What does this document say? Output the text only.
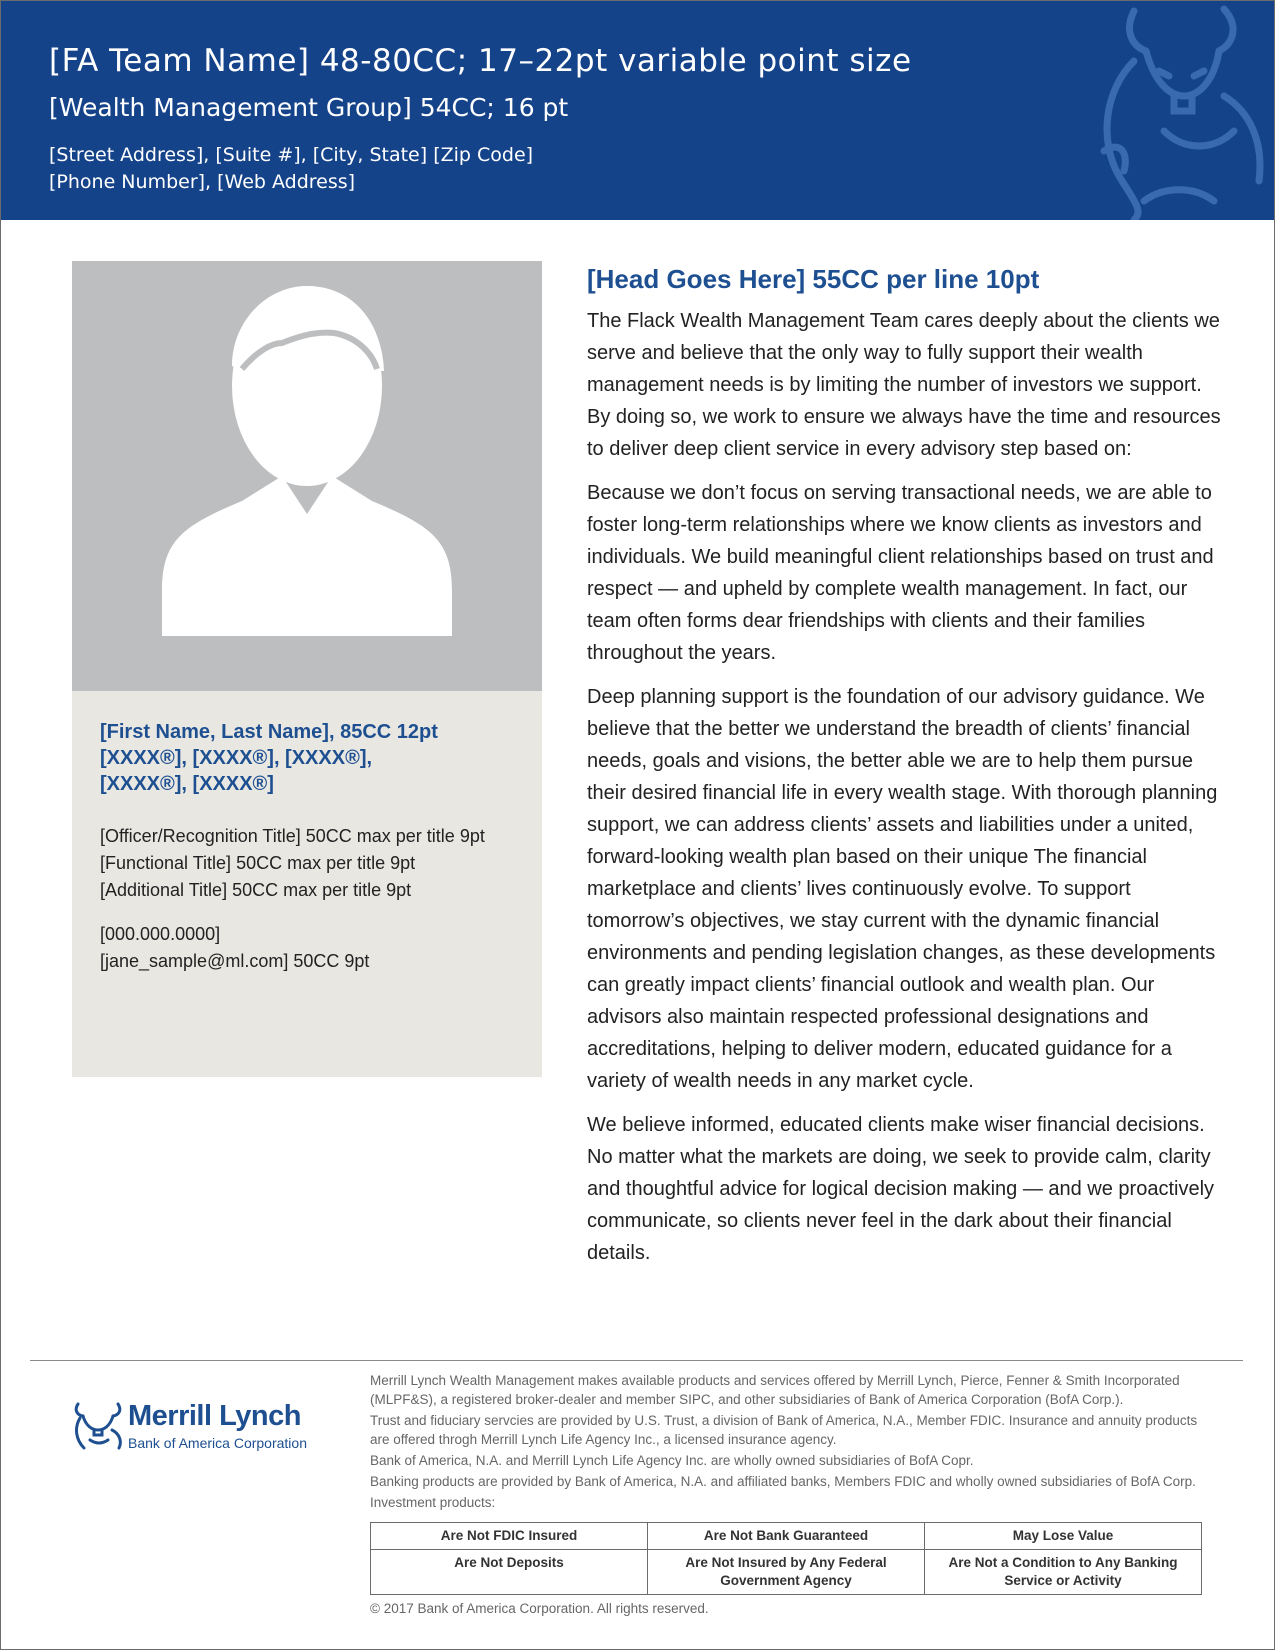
[FA Team Name] 48-80CC; 17–22pt variable point size
[Wealth Management Group] 54CC; 16 pt
[Street Address], [Suite #], [City, State] [Zip Code]
[Phone Number], [Web Address]
[First Name, Last Name], 85CC 12pt
[XXXX®], [XXXX®], [XXXX®],
[XXXX®], [XXXX®]
[Officer/Recognition Title] 50CC max per title 9pt
[Functional Title] 50CC max per title 9pt
[Additional Title] 50CC max per title 9pt
[000.000.0000]
[jane_sample@ml.com] 50CC 9pt
[Head Goes Here] 55CC per line 10pt

The Flack Wealth Management Team cares deeply about the clients we serve and believe that the only way to fully support their wealth management needs is by limiting the number of investors we support. By doing so, we work to ensure we always have the time and resources to deliver deep client service in every advisory step based on:

Because we don’t focus on serving transactional needs, we are able to foster long-term relationships where we know clients as investors and individuals. We build meaningful client relationships based on trust and respect — and upheld by complete wealth management. In fact, our team often forms dear friendships with clients and their families throughout the years.

Deep planning support is the foundation of our advisory guidance. We believe that the better we understand the breadth of clients’ financial needs, goals and visions, the better able we are to help them pursue their desired financial life in every wealth stage. With thorough planning support, we can address clients’ assets and liabilities under a united, forward-looking wealth plan based on their unique The financial marketplace and clients’ lives continuously evolve. To support tomorrow’s objectives, we stay current with the dynamic financial environments and pending legislation changes, as these developments can greatly impact clients’ financial outlook and wealth plan. Our advisors also maintain respected professional designations and accreditations, helping to deliver modern, educated guidance for a variety of wealth needs in any market cycle.

We believe informed, educated clients make wiser financial decisions. No matter what the markets are doing, we seek to provide calm, clarity and thoughtful advice for logical decision making — and we proactively communicate, so clients never feel in the dark about their financial details.

Merrill Lynch
Bank of America Corporation

Merrill Lynch Wealth Management makes available products and services offered by Merrill Lynch, Pierce, Fenner & Smith Incorporated (MLPF&S), a registered broker-dealer and member SIPC, and other subsidiaries of Bank of America Corporation (BofA Corp.).

Trust and fiduciary servcies are provided by U.S. Trust, a division of Bank of America, N.A., Member FDIC. Insurance and annuity products are offered throgh Merrill Lynch Life Agency Inc., a licensed insurance agency.

Bank of America, N.A. and Merrill Lynch Life Agency Inc. are wholly owned subsidiaries of BofA Copr.

Banking products are provided by Bank of America, N.A. and affiliated banks, Members FDIC and wholly owned subsidiaries of BofA Corp.

Investment products:

Are Not FDIC Insured	Are Not Bank Guaranteed	May Lose Value
Are Not Deposits	Are Not Insured by Any Federal Government Agency	Are Not a Condition to Any Banking Service or Activity
© 2017 Bank of America Corporation. All rights reserved.
